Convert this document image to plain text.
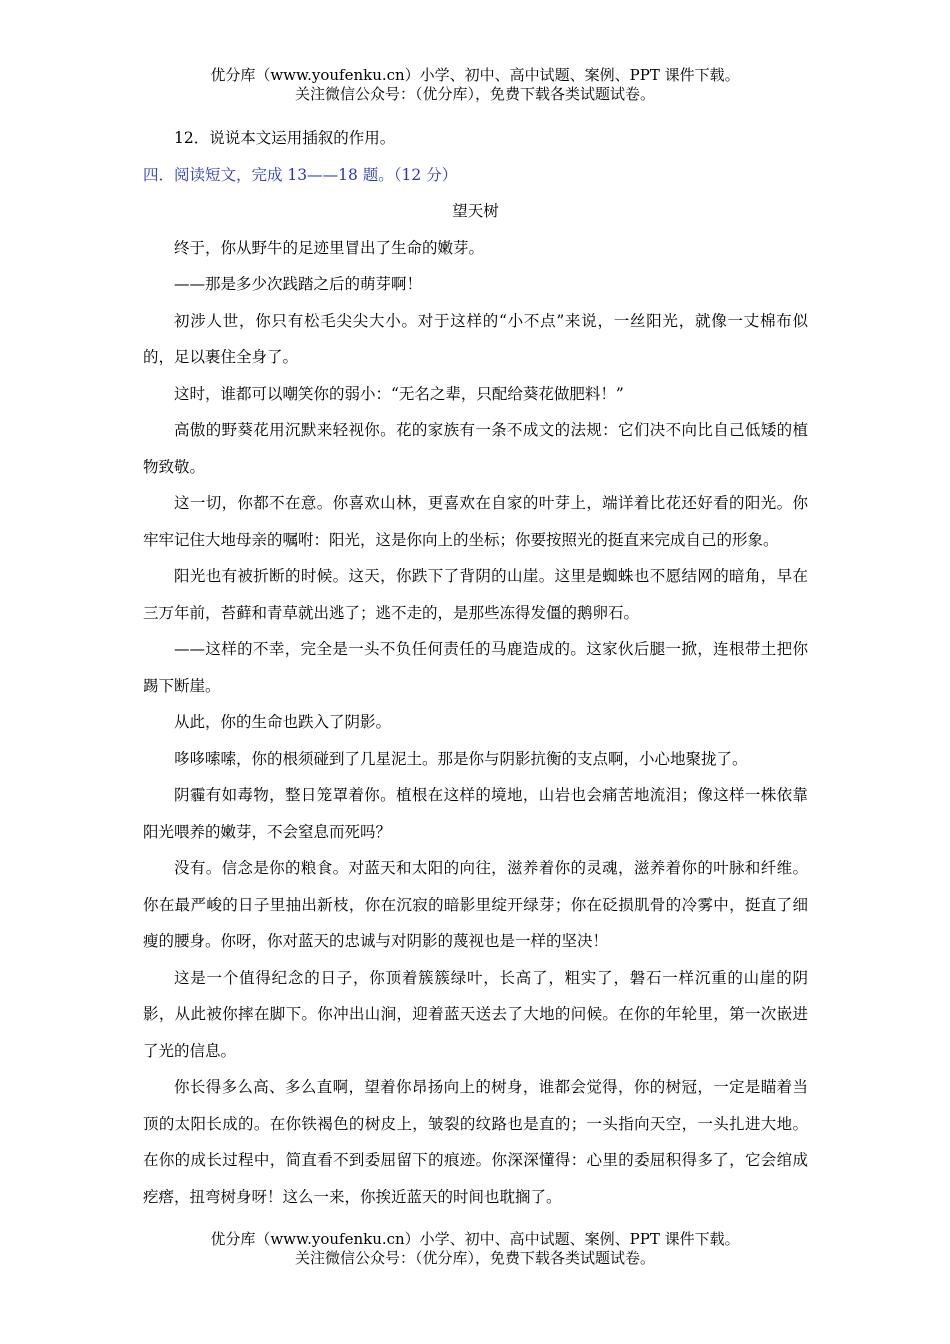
优分库（www.youfenku.cn）小学、初中、高中试题、案例、PPT 课件下载。
关注微信公众号：（优分库），免费下载各类试题试卷。

12．说说本文运用插叙的作用。

四．阅读短文，完成 13——18 题。（12 分）

望天树

终于，你从野牛的足迹里冒出了生命的嫩芽。

——那是多少次践踏之后的萌芽啊！

初涉人世，你只有松毛尖尖大小。对于这样的“小不点”来说，一丝阳光，就像一丈棉布似的，足以裹住全身了。

这时，谁都可以嘲笑你的弱小：“无名之辈，只配给葵花做肥料！”

高傲的野葵花用沉默来轻视你。花的家族有一条不成文的法规：它们决不向比自己低矮的植物致敬。

这一切，你都不在意。你喜欢山林，更喜欢在自家的叶芽上，端详着比花还好看的阳光。你牢牢记住大地母亲的嘱咐：阳光，这是你向上的坐标；你要按照光的挺直来完成自己的形象。

阳光也有被折断的时候。这天，你跌下了背阴的山崖。这里是蜘蛛也不愿结网的暗角，早在三万年前，苔藓和青草就出逃了；逃不走的，是那些冻得发僵的鹅卵石。

——这样的不幸，完全是一头不负任何责任的马鹿造成的。这家伙后腿一掀，连根带土把你踢下断崖。

从此，你的生命也跌入了阴影。

哆哆嗦嗦，你的根须碰到了几星泥土。那是你与阴影抗衡的支点啊，小心地聚拢了。

阴霾有如毒物，整日笼罩着你。植根在这样的境地，山岩也会痛苦地流泪；像这样一株依靠阳光喂养的嫩芽，不会窒息而死吗？

没有。信念是你的粮食。对蓝天和太阳的向往，滋养着你的灵魂，滋养着你的叶脉和纤维。你在最严峻的日子里抽出新枝，你在沉寂的暗影里绽开绿芽；你在砭损肌骨的冷雾中，挺直了细瘦的腰身。你呀，你对蓝天的忠诚与对阴影的蔑视也是一样的坚决！

这是一个值得纪念的日子，你顶着簇簇绿叶，长高了，粗实了，磐石一样沉重的山崖的阴影，从此被你摔在脚下。你冲出山涧，迎着蓝天送去了大地的问候。在你的年轮里，第一次嵌进了光的信息。

你长得多么高、多么直啊，望着你昂扬向上的树身，谁都会觉得，你的树冠，一定是瞄着当顶的太阳长成的。在你铁褐色的树皮上，皱裂的纹路也是直的；一头指向天空，一头扎进大地。在你的成长过程中，简直看不到委屈留下的痕迹。你深深懂得：心里的委屈积得多了，它会绾成疙瘩，扭弯树身呀！这么一来，你挨近蓝天的时间也耽搁了。

优分库（www.youfenku.cn）小学、初中、高中试题、案例、PPT 课件下载。
关注微信公众号：（优分库），免费下载各类试题试卷。
